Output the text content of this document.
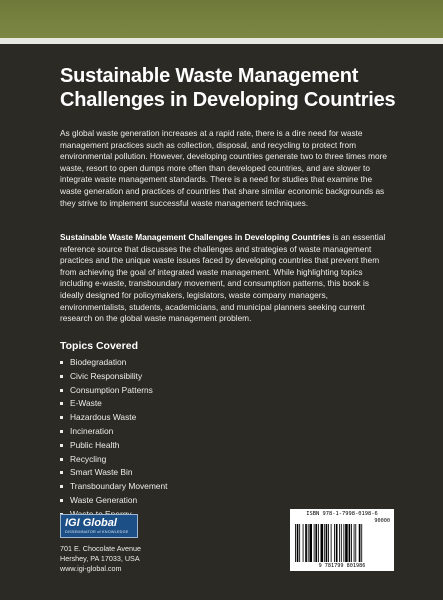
Sustainable Waste Management Challenges in Developing Countries

As global waste generation increases at a rapid rate, there is a dire need for waste management practices such as collection, disposal, and recycling to protect from environmental pollution. However, developing countries generate two to three times more waste, resort to open dumps more often than developed countries, and are slower to integrate waste management standards. There is a need for studies that examine the waste generation and practices of countries that share similar economic backgrounds as they strive to implement successful waste management techniques.

Sustainable Waste Management Challenges in Developing Countries is an essential reference source that discusses the challenges and strategies of waste management practices and the unique waste issues faced by developing countries that prevent them from achieving the goal of integrated waste management. While highlighting topics including e-waste, transboundary movement, and consumption patterns, this book is ideally designed for policymakers, legislators, waste company managers, environmentalists, students, academicians, and municipal planners seeking current research on the global waste management problem.

Topics Covered
Biodegradation
Civic Responsibility
Consumption Patterns
E-Waste
Hazardous Waste
Incineration
Public Health
Recycling
Smart Waste Bin
Transboundary Movement
Waste Generation
IGI Global
DISSEMINATOR of KNOWLEDGE
701 E. Chocolate Avenue
Hershey, PA 17033, USA
www.igi-global.com
ISBN 978-1-7998-0198-6
90000
9 781799 801986
